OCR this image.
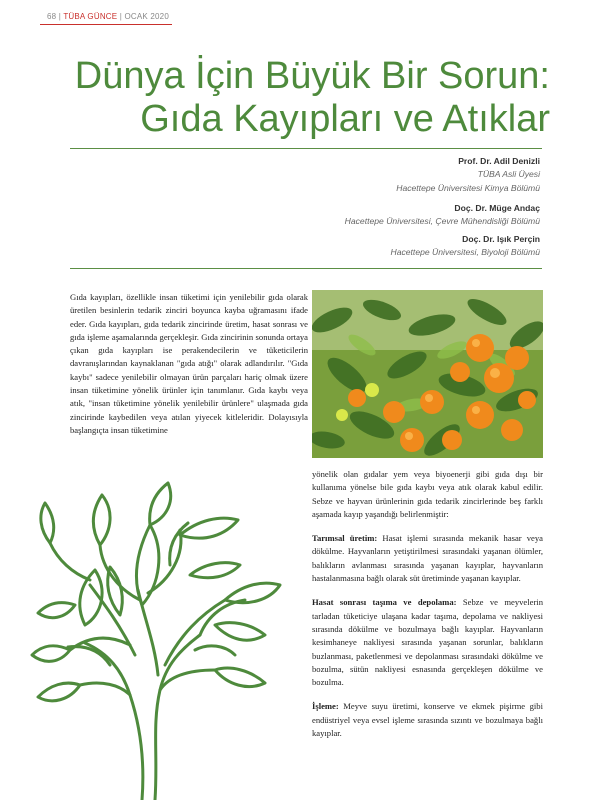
68 | TÜBA GÜNCE | OCAK 2020
Dünya İçin Büyük Bir Sorun:
Gıda Kayıpları ve Atıklar
Prof. Dr. Adil Denizli
TÜBA Asli Üyesi
Hacettepe Üniversitesi Kimya Bölümü
Doç. Dr. Müge Andaç
Hacettepe Üniversitesi, Çevre Mühendisliği Bölümü
Doç. Dr. Işık Perçin
Hacettepe Üniversitesi, Biyoloji Bölümü
Gıda kayıpları, özellikle insan tüketimi için yenilebilir gıda olarak üretilen besinlerin tedarik zinciri boyunca kayba uğramasını ifade eder. Gıda kayıpları, gıda tedarik zincirinde üretim, hasat sonrası ve gıda işleme aşamalarında gerçekleşir. Gıda zincirinin sonunda ortaya çıkan gıda kayıpları ise perakendecilerin ve tüketicilerin davranışlarından kaynaklanan "gıda atığı" olarak adlandırılır. "Gıda kaybı" sadece yenilebilir olmayan ürün parçaları hariç olmak üzere insan tüketimine yönelik ürünler için tanımlanır. Gıda kaybı veya atık, "insan tüketimine yönelik yenilebilir ürünlere" ulaşmada gıda zincirinde kaybedilen veya atılan yiyecek kitleleridir. Dolayısıyla başlangıçta insan tüketimine

yönelik olan gıdalar yem veya biyoenerji gibi gıda dışı bir kullanıma yönelse bile gıda kaybı veya atık olarak kabul edilir. Sebze ve hayvan ürünlerinin gıda tedarik zincirlerinde beş farklı aşamada kayıp yaşandığı belirlenmiştir:

Tarımsal üretim: Hasat işlemi sırasında mekanik hasar veya dökülme. Hayvanların yetiştirilmesi sırasındaki yaşanan ölümler, balıkların avlanması sırasında yaşanan kayıplar, hayvanların hastalanmasına bağlı olarak süt üretiminde yaşanan kayıplar.

Hasat sonrası taşıma ve depolama: Sebze ve meyvelerin tarladan tüketiciye ulaşana kadar taşıma, depolama ve nakliyesi sırasında dökülme ve bozulmaya bağlı kayıplar. Hayvanların kesimhaneye nakliyesi sırasında yaşanan sorunlar, balıkların buzlanması, paketlenmesi ve depolanması sırasındaki dökülme ve bozulma, sütün nakliyesi esnasında gerçekleşen dökülme ve bozulma.

İşleme: Meyve suyu üretimi, konserve ve ekmek pişirme gibi endüstriyel veya evsel işleme sırasında sızıntı ve bozulmaya bağlı kayıplar.
